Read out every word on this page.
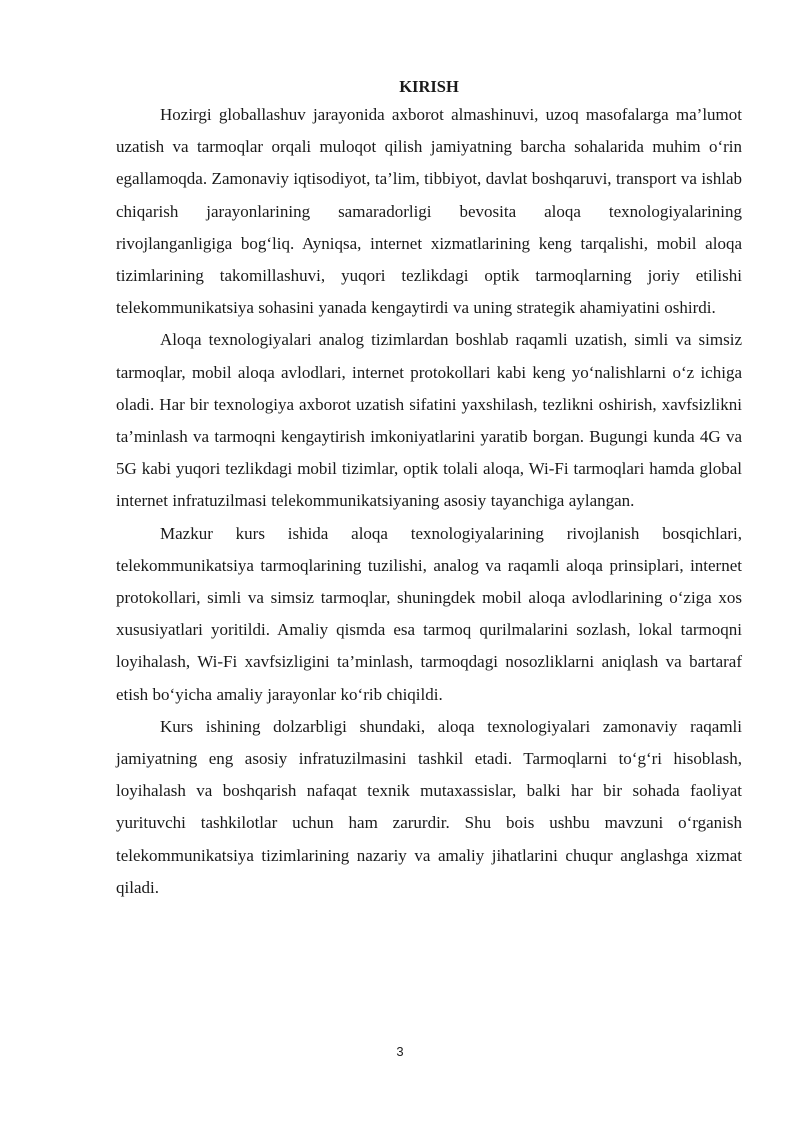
KIRISH

Hozirgi globallashuv jarayonida axborot almashinuvi, uzoq masofalarga ma’lumot uzatish va tarmoqlar orqali muloqot qilish jamiyatning barcha sohalarida muhim o‘rin egallamoqda. Zamonaviy iqtisodiyot, ta’lim, tibbiyot, davlat boshqaruvi, transport va ishlab chiqarish jarayonlarining samaradorligi bevosita aloqa texnologiyalarining rivojlanganligiga bog‘liq. Ayniqsa, internet xizmatlarining keng tarqalishi, mobil aloqa tizimlarining takomillashuvi, yuqori tezlikdagi optik tarmoqlarning joriy etilishi telekommunikatsiya sohasini yanada kengaytirdi va uning strategik ahamiyatini oshirdi.

Aloqa texnologiyalari analog tizimlardan boshlab raqamli uzatish, simli va simsiz tarmoqlar, mobil aloqa avlodlari, internet protokollari kabi keng yo‘nalishlarni o‘z ichiga oladi. Har bir texnologiya axborot uzatish sifatini yaxshilash, tezlikni oshirish, xavfsizlikni ta’minlash va tarmoqni kengaytirish imkoniyatlarini yaratib borgan. Bugungi kunda 4G va 5G kabi yuqori tezlikdagi mobil tizimlar, optik tolali aloqa, Wi-Fi tarmoqlari hamda global internet infratuzilmasi telekommunikatsiyaning asosiy tayanchiga aylangan.

Mazkur kurs ishida aloqa texnologiyalarining rivojlanish bosqichlari, telekommunikatsiya tarmoqlarining tuzilishi, analog va raqamli aloqa prinsiplari, internet protokollari, simli va simsiz tarmoqlar, shuningdek mobil aloqa avlodlarining o‘ziga xos xususiyatlari yoritildi. Amaliy qismda esa tarmoq qurilmalarini sozlash, lokal tarmoqni loyihalash, Wi-Fi xavfsizligini ta’minlash, tarmoqdagi nosozliklarni aniqlash va bartaraf etish bo‘yicha amaliy jarayonlar ko‘rib chiqildi.

Kurs ishining dolzarbligi shundaki, aloqa texnologiyalari zamonaviy raqamli jamiyatning eng asosiy infratuzilmasini tashkil etadi. Tarmoqlarni to‘g‘ri hisoblash, loyihalash va boshqarish nafaqat texnik mutaxassislar, balki har bir sohada faoliyat yurituvchi tashkilotlar uchun ham zarurdir. Shu bois ushbu mavzuni o‘rganish telekommunikatsiya tizimlarining nazariy va amaliy jihatlarini chuqur anglashga xizmat qiladi.

3
